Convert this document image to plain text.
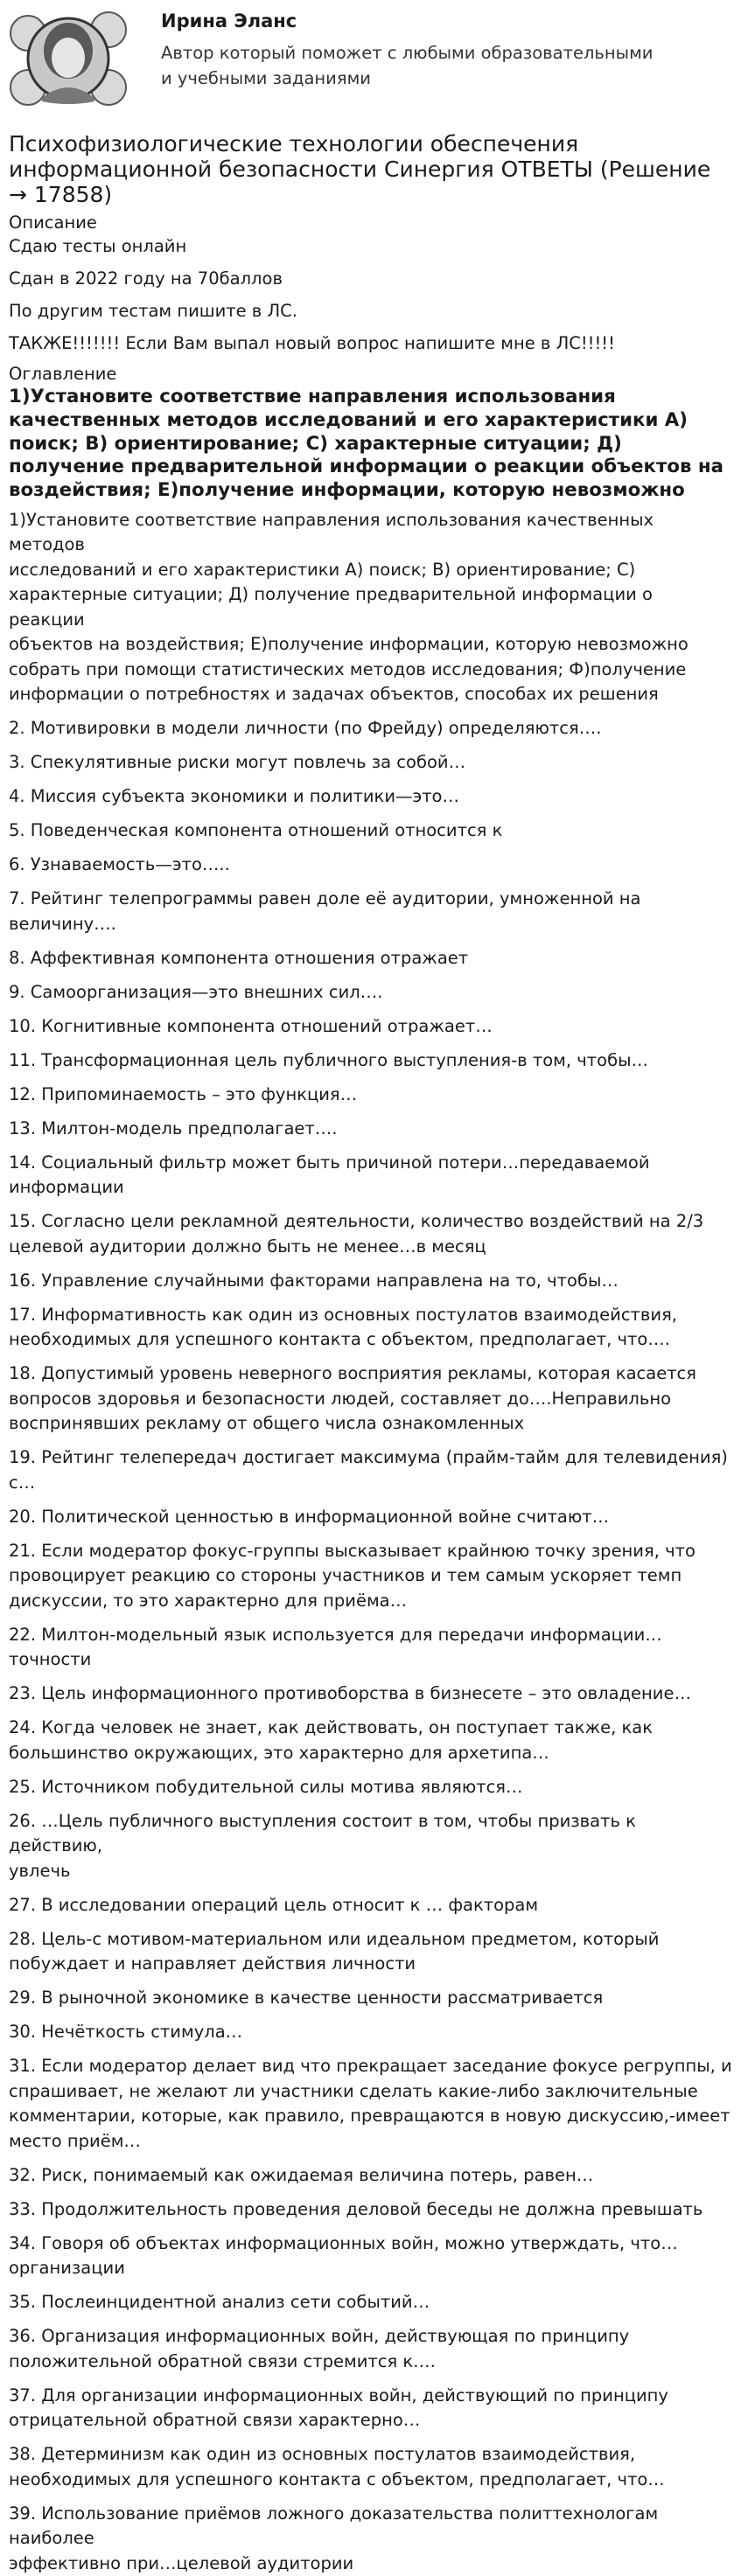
Ирина Эланс
Автор который поможет с любыми образовательными и учебными заданиями
Психофизиологические технологии обеспечения информационной безопасности Синергия ОТВЕТЫ (Решение → 17858)
Описание

Сдаю тесты онлайн

Сдан в 2022 году на 70баллов

По другим тестам пишите в ЛС.

ТАКЖЕ!!!!!!! Если Вам выпал новый вопрос напишите мне в ЛС!!!!!

Оглавление
1)Установите соответствие направления использования качественных методов исследований и его характеристики А) поиск; В) ориентирование; С) характерные ситуации; Д) получение предварительной информации о реакции объектов на воздействия; Е)получение информации, которую невозможно

1)Установите соответствие направления использования качественных методов
исследований и его характеристики А) поиск; В) ориентирование; С)
характерные ситуации; Д) получение предварительной информации о реакции
объектов на воздействия; Е)получение информации, которую невозможно
собрать при помощи статистических методов исследования; Ф)получение
информации о потребностях и задачах объектов, способах их решения

2. Мотивировки в модели личности (по Фрейду) определяются….

3. Спекулятивные риски могут повлечь за собой…

4. Миссия субъекта экономики и политики—это…

5. Поведенческая компонента отношений относится к

6. Узнаваемость—это…..

7. Рейтинг телепрограммы равен доле её аудитории, умноженной на величину….

8. Аффективная компонента отношения отражает

9. Самоорганизация—это внешних сил….

10. Когнитивные компонента отношений отражает…

11. Трансформационная цель публичного выступления-в том, чтобы…

12. Припоминаемость – это функция…

13. Милтон-модель предполагает….

14. Социальный фильтр может быть причиной потери…передаваемой
информации

15. Согласно цели рекламной деятельности, количество воздействий на 2/3
целевой аудитории должно быть не менее…в месяц

16. Управление случайными факторами направлена на то, чтобы…

17. Информативность как один из основных постулатов взаимодействия,
необходимых для успешного контакта с объектом, предполагает, что….

18. Допустимый уровень неверного восприятия рекламы, которая касается
вопросов здоровья и безопасности людей, составляет до….Неправильно
воспринявших рекламу от общего числа ознакомленных

19. Рейтинг телепередач достигает максимума (прайм-тайм для телевидения)
с…

20. Политической ценностью в информационной войне считают…

21. Если модератор фокус-группы высказывает крайнюю точку зрения, что
провоцирует реакцию со стороны участников и тем самым ускоряет темп
дискуссии, то это характерно для приёма…

22. Милтон-модельный язык используется для передачи информации…точности

23. Цель информационного противоборства в бизнесете – это овладение…

24. Когда человек не знает, как действовать, он поступает также, как
большинство окружающих, это характерно для архетипа…

25. Источником побудительной силы мотива являются…

26. …Цель публичного выступления состоит в том, чтобы призвать к действию,
увлечь

27. В исследовании операций цель относит к … факторам

28. Цель-с мотивом-материальном или идеальном предметом, который
побуждает и направляет действия личности

29. В рыночной экономике в качестве ценности рассматривается

30. Нечёткость стимула…

31. Если модератор делает вид что прекращает заседание фокусе регруппы, и
спрашивает, не желают ли участники сделать какие-либо заключительные
комментарии, которые, как правило, превращаются в новую дискуссию,-имеет
место приём…

32. Риск, понимаемый как ожидаемая величина потерь, равен…

33. Продолжительность проведения деловой беседы не должна превышать

34. Говоря об объектах информационных войн, можно утверждать, что…
организации

35. Послеинцидентной анализ сети событий…

36. Организация информационных войн, действующая по принципу
положительной обратной связи стремится к….

37. Для организации информационных войн, действующий по принципу
отрицательной обратной связи характерно…

38. Детерминизм как один из основных постулатов взаимодействия,
необходимых для успешного контакта с объектом, предполагает, что…

39. Использование приёмов ложного доказательства политтехнологам наиболее
эффективно при…целевой аудитории
